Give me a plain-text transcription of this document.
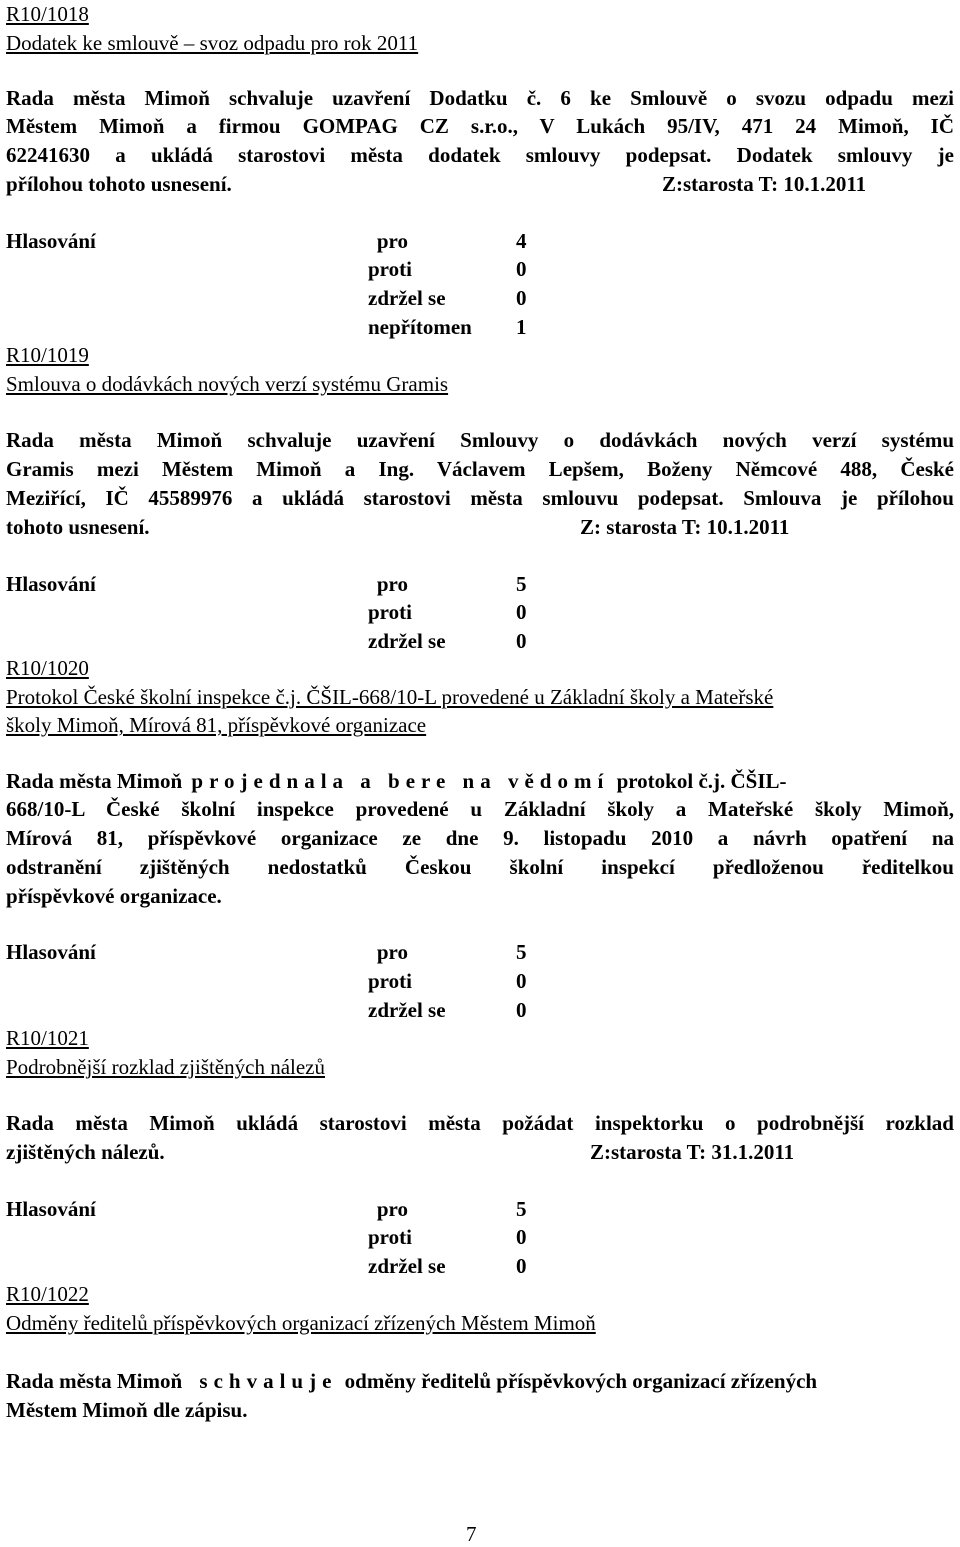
R10/1018
Dodatek ke smlouvě – svoz odpadu pro rok 2011
Rada města Mimoň schvaluje uzavření Dodatku č. 6 ke Smlouvě o svozu odpadu mezi
Městem Mimoň a firmou GOMPAG CZ s.r.o., V Lukách 95/IV, 471 24 Mimoň, IČ
62241630 a ukládá starostovi města dodatek smlouvy podepsat. Dodatek smlouvy je
přílohou tohoto usnesení.	Z:starosta T: 10.1.2011
Hlasování	pro	4
proti	0
zdržel se	0
nepřítomen	1
R10/1019
Smlouva o dodávkách nových verzí systému Gramis
Rada města Mimoň schvaluje uzavření Smlouvy o dodávkách nových verzí systému
Gramis mezi Městem Mimoň a Ing. Václavem Lepšem, Boženy Němcové 488, České
Meziřící, IČ 45589976 a ukládá starostovi města smlouvu podepsat. Smlouva je přílohou
tohoto usnesení.	Z: starosta T: 10.1.2011
Hlasování	pro	5
proti	0
zdržel se	0
R10/1020
Protokol České školní inspekce č.j. ČŠIL-668/10-L provedené u Základní školy a Mateřské
školy Mimoň, Mírová 81, příspěvkové organizace
Rada města Mimoň projednala a bere na vědomí protokol č.j. ČŠIL-
668/10-L České školní inspekce provedené u Základní školy a Mateřské školy Mimoň,
Mírová 81, příspěvkové organizace ze dne 9. listopadu 2010 a návrh opatření na
odstranění zjištěných nedostatků Českou školní inspekcí předloženou ředitelkou
příspěvkové organizace.
Hlasování	pro	5
proti	0
zdržel se	0
R10/1021
Podrobnější rozklad zjištěných nálezů
Rada města Mimoň ukládá starostovi města požádat inspektorku o podrobnější rozklad
zjištěných nálezů.	Z:starosta T: 31.1.2011
Hlasování	pro	5
proti	0
zdržel se	0
R10/1022
Odměny ředitelů příspěvkových organizací zřízených Městem Mimoň
Rada města Mimoň schvaluje odměny ředitelů příspěvkových organizací zřízených
Městem Mimoň dle zápisu.
7
